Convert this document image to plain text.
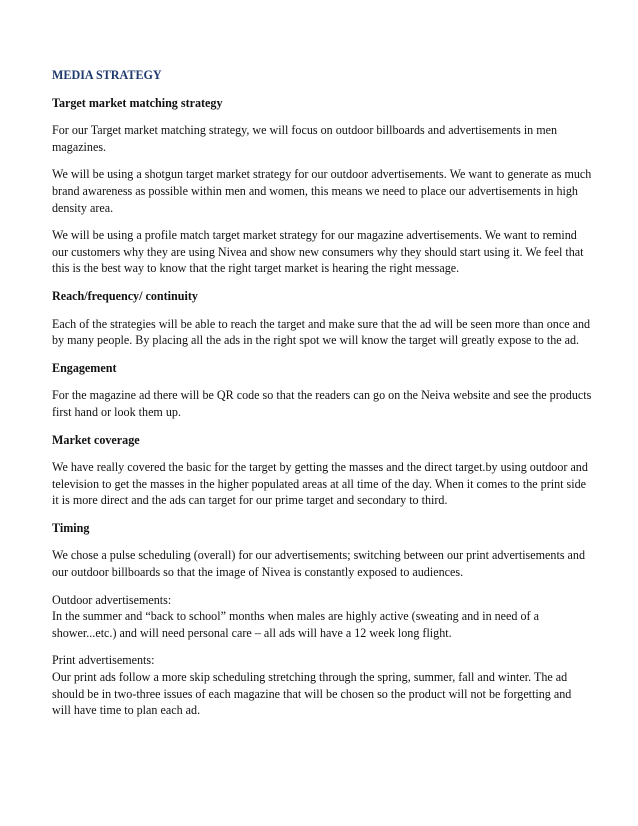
MEDIA STRATEGY

Target market matching strategy

For our Target market matching strategy, we will focus on outdoor billboards and advertisements in men magazines.

We will be using a shotgun target market strategy for our outdoor advertisements. We want to generate as much brand awareness as possible within men and women, this means we need to place our advertisements in high density area.

We will be using a profile match target market strategy for our magazine advertisements. We want to remind our customers why they are using Nivea and show new consumers why they should start using it. We feel that this is the best way to know that the right target market is hearing the right message.

Reach/frequency/ continuity

Each of the strategies will be able to reach the target and make sure that the ad will be seen more than once and by many people. By placing all the ads in the right spot we will know the target will greatly expose to the ad.

Engagement

For the magazine ad there will be QR code so that the readers can go on the Neiva website and see the products first hand or look them up.

Market coverage

We have really covered the basic for the target by getting the masses and the direct target.by using outdoor and television to get the masses in the higher populated areas at all time of the day. When it comes to the print side it is more direct and the ads can target for our prime target and secondary to third.

Timing

We chose a pulse scheduling (overall) for our advertisements; switching between our print advertisements and our outdoor billboards so that the image of Nivea is constantly exposed to audiences.

Outdoor advertisements:
In the summer and “back to school” months when males are highly active (sweating and in need of a shower...etc.) and will need personal care – all ads will have a 12 week long flight.

Print advertisements:
Our print ads follow a more skip scheduling stretching through the spring, summer, fall and winter. The ad should be in two-three issues of each magazine that will be chosen so the product will not be forgetting and will have time to plan each ad.
